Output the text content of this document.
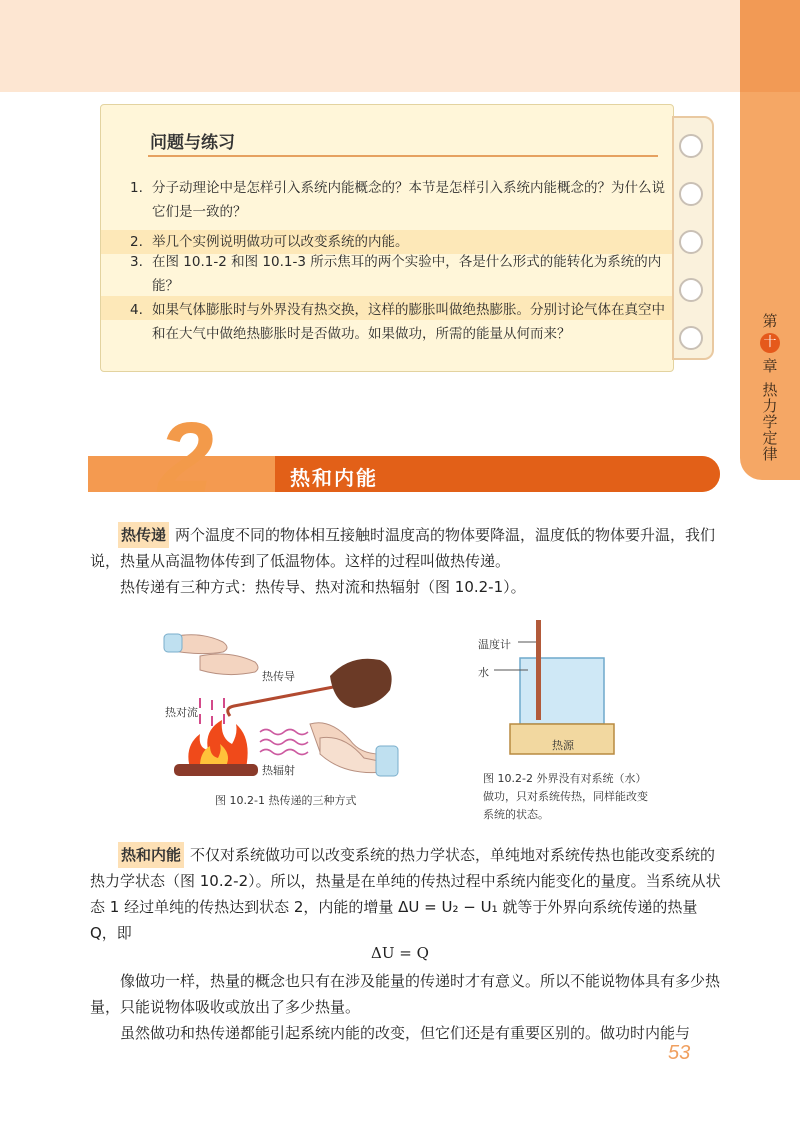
第
十
章
热力学定律
问题与练习
1. 分子动理论中是怎样引入系统内能概念的？本节是怎样引入系统内能概念的？为什么说它们是一致的？
2. 举几个实例说明做功可以改变系统的内能。
3. 在图 10.1-2 和图 10.1-3 所示焦耳的两个实验中，各是什么形式的能转化为系统的内能？
4. 如果气体膨胀时与外界没有热交换，这样的膨胀叫做绝热膨胀。分别讨论气体在真空中和在大气中做绝热膨胀时是否做功。如果做功，所需的能量从何而来？
2	热和内能
热传递 两个温度不同的物体相互接触时温度高的物体要降温，温度低的物体要升温，我们说，热量从高温物体传到了低温物体。这样的过程叫做热传递。
热传递有三种方式：热传导、热对流和热辐射（图 10.2-1）。
热传导
热对流
热辐射
图 10.2-1 热传递的三种方式
温度计
水
热源
图 10.2-2 外界没有对系统（水）做功，只对系统传热，同样能改变系统的状态。
热和内能 不仅对系统做功可以改变系统的热力学状态，单纯地对系统传热也能改变系统的热力学状态（图 10.2-2）。所以，热量是在单纯的传热过程中系统内能变化的量度。当系统从状态 1 经过单纯的传热达到状态 2，内能的增量 ΔU = U₂ − U₁ 就等于外界向系统传递的热量 Q，即
ΔU = Q
像做功一样，热量的概念也只有在涉及能量的传递时才有意义。所以不能说物体具有多少热量，只能说物体吸收或放出了多少热量。
虽然做功和热传递都能引起系统内能的改变，但它们还是有重要区别的。做功时内能与
53
